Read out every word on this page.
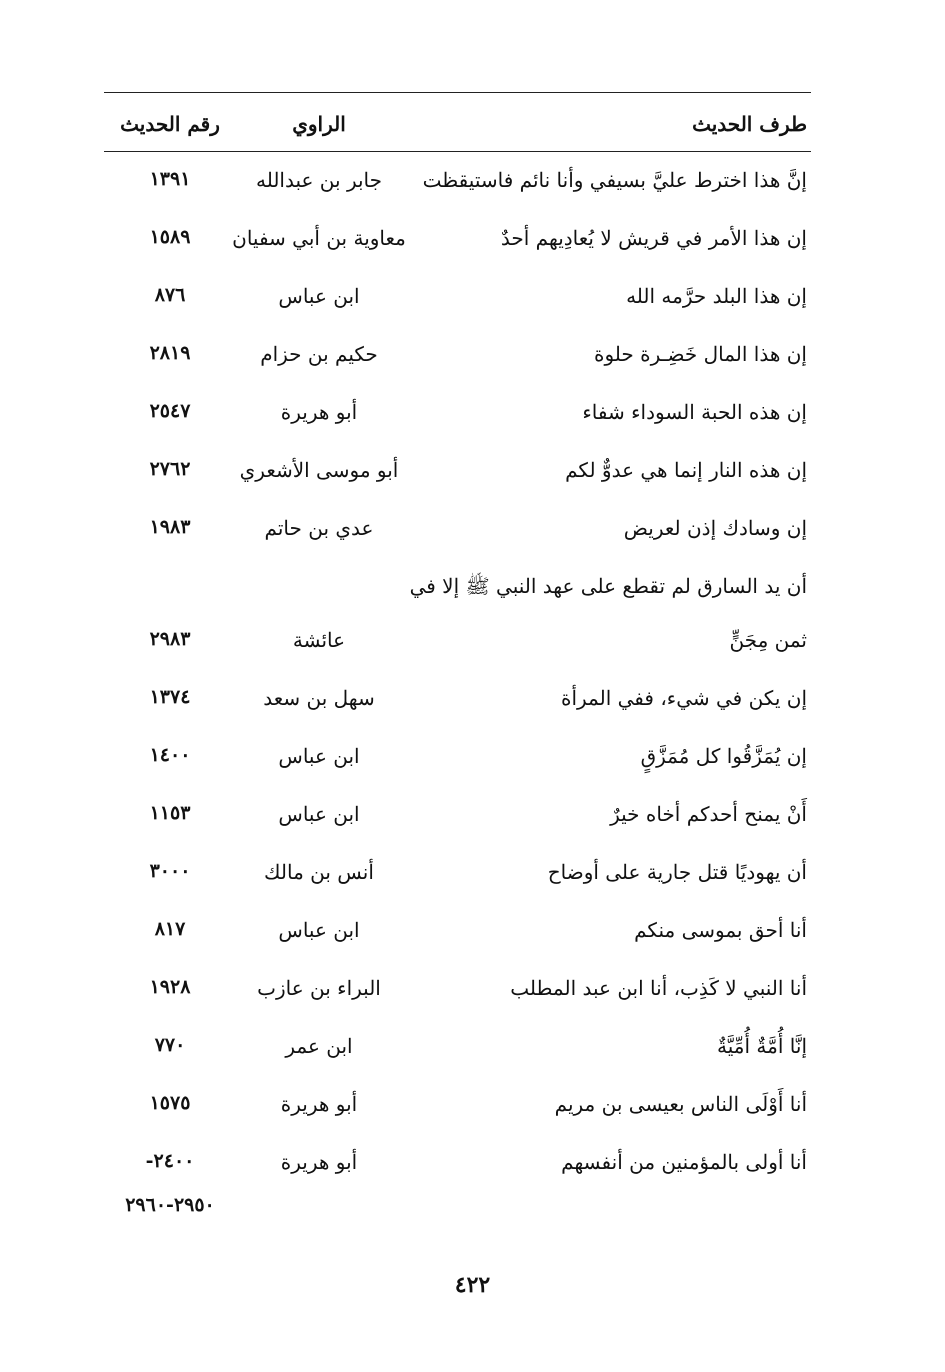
طرف الحديث
الراوي
رقم الحديث
إنَّ هذا اخترط عليَّ بسيفي وأنا نائم فاستيقظت
جابر بن عبدالله
١٣٩١
إن هذا الأمر في قريش لا يُعادِيهم أحدٌ
معاوية بن أبي سفيان
١٥٨٩
إن هذا البلد حرَّمه الله
ابن عباس
٨٧٦
إن هذا المال خَضِـرة حلوة
حكيم بن حزام
٢٨١٩
إن هذه الحبة السوداء شفاء
أبو هريرة
٢٥٤٧
إن هذه النار إنما هي عدوٌّ لكم
أبو موسى الأشعري
٢٧٦٢
إن وسادك إذن لعريض
عدي بن حاتم
١٩٨٣
أن يد السارق لم تقطع على عهد النبي ﷺ إلا في
ثمن مِجَنٍّ
عائشة
٢٩٨٣
إن يكن في شيء، ففي المرأة
سهل بن سعد
١٣٧٤
إن يُمَزَّقُوا كل مُمَزَّقٍ
ابن عباس
١٤٠٠
أَنْ يمنح أحدكم أخاه خيرٌ
ابن عباس
١١٥٣
أن يهوديًا قتل جارية على أوضاح
أنس بن مالك
٣٠٠٠
أنا أحق بموسى منكم
ابن عباس
٨١٧
أنا النبي لا كَذِب، أنا ابن عبد المطلب
البراء بن عازب
١٩٢٨
إنَّا أُمَّةٌ أُمِّيَّةٌ
ابن عمر
٧٧٠
أنا أَوْلَى الناس بعيسى بن مريم
أبو هريرة
١٥٧٥
أنا أولى بالمؤمنين من أنفسهم
أبو هريرة
٢٤٠٠-
٢٩٥٠-٢٩٦٠
٤٢٢
